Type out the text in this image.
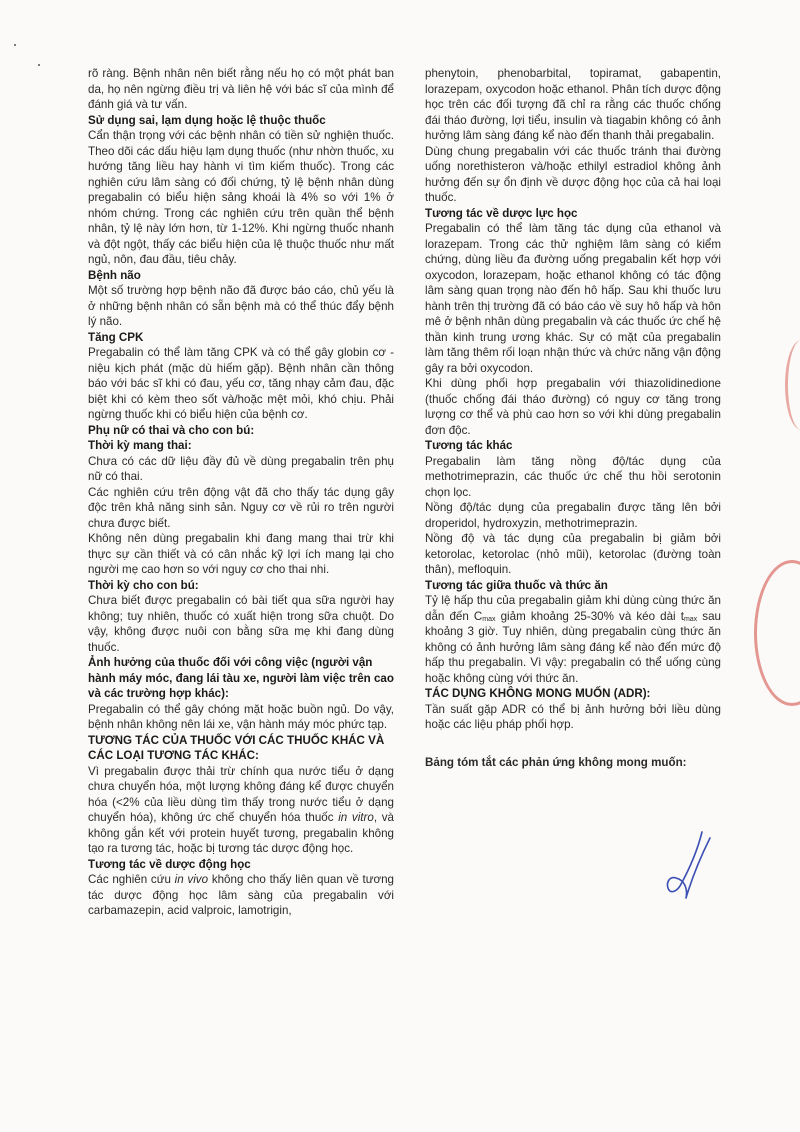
rõ ràng. Bệnh nhân nên biết rằng nếu họ có một phát ban da, họ nên ngừng điều trị và liên hệ với bác sĩ của mình để đánh giá và tư vấn.
Sử dụng sai, lạm dụng hoặc lệ thuộc thuốc
Cẩn thận trọng với các bệnh nhân có tiền sử nghiện thuốc. Theo dõi các dấu hiệu lạm dụng thuốc (như nhờn thuốc, xu hướng tăng liều hay hành vi tìm kiếm thuốc). Trong các nghiên cứu lâm sàng có đối chứng, tỷ lệ bệnh nhân dùng pregabalin có biểu hiện sảng khoái là 4% so với 1% ở nhóm chứng. Trong các nghiên cứu trên quần thể bệnh nhân, tỷ lệ này lớn hơn, từ 1-12%. Khi ngừng thuốc nhanh và đột ngột, thấy các biểu hiện của lệ thuộc thuốc như mất ngủ, nôn, đau đầu, tiêu chảy.
Bệnh não
Một số trường hợp bệnh não đã được báo cáo, chủ yếu là ở những bệnh nhân có sẵn bệnh mà có thể thúc đẩy bệnh lý não.
Tăng CPK
Pregabalin có thể làm tăng CPK và có thể gây globin cơ - niệu kịch phát (mặc dù hiếm gặp). Bệnh nhân cần thông báo với bác sĩ khi có đau, yếu cơ, tăng nhạy cảm đau, đặc biệt khi có kèm theo sốt và/hoặc mệt mỏi, khó chịu. Phải ngừng thuốc khi có biểu hiện của bệnh cơ.
Phụ nữ có thai và cho con bú:
Thời kỳ mang thai:
Chưa có các dữ liệu đầy đủ về dùng pregabalin trên phụ nữ có thai.
Các nghiên cứu trên động vật đã cho thấy tác dụng gây độc trên khả năng sinh sản. Nguy cơ về rủi ro trên người chưa được biết.
Không nên dùng pregabalin khi đang mang thai trừ khi thực sự cần thiết và có cân nhắc kỹ lợi ích mang lại cho người mẹ cao hơn so với nguy cơ cho thai nhi.
Thời kỳ cho con bú:
Chưa biết được pregabalin có bài tiết qua sữa người hay không; tuy nhiên, thuốc có xuất hiện trong sữa chuột. Do vậy, không được nuôi con bằng sữa mẹ khi đang dùng thuốc.
Ảnh hưởng của thuốc đối với công việc (người vận hành máy móc, đang lái tàu xe, người làm việc trên cao và các trường hợp khác):
Pregabalin có thể gây chóng mặt hoặc buồn ngủ. Do vậy, bệnh nhân không nên lái xe, vận hành máy móc phức tạp.
TƯƠNG TÁC CỦA THUỐC VỚI CÁC THUỐC KHÁC VÀ CÁC LOẠI TƯƠNG TÁC KHÁC:
Vì pregabalin được thải trừ chính qua nước tiểu ở dạng chưa chuyển hóa, một lượng không đáng kể được chuyển hóa (<2% của liều dùng tìm thấy trong nước tiểu ở dạng chuyển hóa), không ức chế chuyển hóa thuốc in vitro, và không gắn kết với protein huyết tương, pregabalin không tạo ra tương tác, hoặc bị tương tác dược động học.
Tương tác về dược động học
Các nghiên cứu in vivo không cho thấy liên quan về tương tác dược động học lâm sàng của pregabalin với carbamazepin, acid valproic, lamotrigin,
phenytoin, phenobarbital, topiramat, gabapentin, lorazepam, oxycodon hoặc ethanol. Phân tích dược động học trên các đối tượng đã chỉ ra rằng các thuốc chống đái tháo đường, lợi tiểu, insulin và tiagabin không có ảnh hưởng lâm sàng đáng kể nào đến thanh thải pregabalin.
Dùng chung pregabalin với các thuốc tránh thai đường uống norethisteron và/hoặc ethilyl estradiol không ảnh hưởng đến sự ổn định về dược động học của cả hai loại thuốc.
Tương tác về dược lực học
Pregabalin có thể làm tăng tác dụng của ethanol và lorazepam. Trong các thử nghiệm lâm sàng có kiểm chứng, dùng liều đa đường uống pregabalin kết hợp với oxycodon, lorazepam, hoặc ethanol không có tác động lâm sàng quan trọng nào đến hô hấp. Sau khi thuốc lưu hành trên thị trường đã có báo cáo về suy hô hấp và hôn mê ở bệnh nhân dùng pregabalin và các thuốc ức chế hệ thần kinh trung ương khác. Sự có mặt của pregabalin làm tăng thêm rối loạn nhận thức và chức năng vận động gây ra bởi oxycodon.
Khi dùng phối hợp pregabalin với thiazolidinedione (thuốc chống đái tháo đường) có nguy cơ tăng trong lượng cơ thể và phù cao hơn so với khi dùng pregabalin đơn độc.
Tương tác khác
Pregabalin làm tăng nồng độ/tác dụng của methotrimeprazin, các thuốc ức chế thu hồi serotonin chọn lọc.
Nồng độ/tác dụng của pregabalin được tăng lên bởi droperidol, hydroxyzin, methotrimeprazin.
Nồng độ và tác dụng của pregabalin bị giảm bởi ketorolac, ketorolac (nhỏ mũi), ketorolac (đường toàn thân), mefloquin.
Tương tác giữa thuốc và thức ăn
Tỷ lệ hấp thu của pregabalin giảm khi dùng cùng thức ăn dẫn đến $C_{max}$ giảm khoảng 25-30% và kéo dài $t_{max}$ sau khoảng 3 giờ. Tuy nhiên, dùng pregabalin cùng thức ăn không có ảnh hưởng lâm sàng đáng kể nào đến mức độ hấp thu pregabalin. Vì vậy: pregabalin có thể uống cùng hoặc không cùng với thức ăn.
TÁC DỤNG KHÔNG MONG MUỐN (ADR):
Tần suất gặp ADR có thể bị ảnh hưởng bởi liều dùng hoặc các liệu pháp phối hợp.
Bảng tóm tắt các phản ứng không mong muốn:
